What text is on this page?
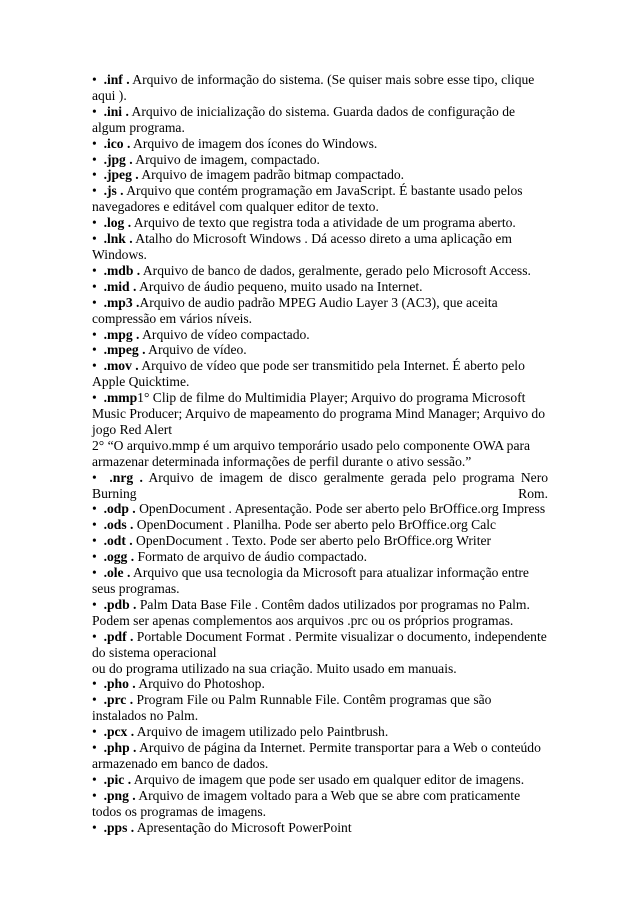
• .inf . Arquivo de informação do sistema. (Se quiser mais sobre esse tipo, clique aqui ).

• .ini . Arquivo de inicialização do sistema. Guarda dados de configuração de algum programa.

• .ico . Arquivo de imagem dos ícones do Windows.

• .jpg . Arquivo de imagem, compactado.

• .jpeg . Arquivo de imagem padrão bitmap compactado.

• .js . Arquivo que contém programação em JavaScript. É bastante usado pelos navegadores e editável com qualquer editor de texto.

• .log . Arquivo de texto que registra toda a atividade de um programa aberto.

• .lnk . Atalho do Microsoft Windows . Dá acesso direto a uma aplicação em Windows.

• .mdb . Arquivo de banco de dados, geralmente, gerado pelo Microsoft Access.

• .mid . Arquivo de áudio pequeno, muito usado na Internet.

• .mp3 .Arquivo de audio padrão MPEG Audio Layer 3 (AC3), que aceita compressão em vários níveis.

• .mpg . Arquivo de vídeo compactado.

• .mpeg . Arquivo de vídeo.

• .mov . Arquivo de vídeo que pode ser transmitido pela Internet. É aberto pelo Apple Quicktime.

• .mmp1° Clip de filme do Multimidia Player; Arquivo do programa Microsoft Music Producer; Arquivo de mapeamento do programa Mind Manager; Arquivo do jogo Red Alert

2° “O arquivo.mmp é um arquivo temporário usado pelo componente OWA para armazenar determinada informações de perfil durante o ativo sessão.”

• .nrg . Arquivo de imagem de disco geralmente gerada pelo programa Nero Burning Rom.

• .odp . OpenDocument . Apresentação. Pode ser aberto pelo BrOffice.org Impress

• .ods . OpenDocument . Planilha. Pode ser aberto pelo BrOffice.org Calc

• .odt . OpenDocument . Texto. Pode ser aberto pelo BrOffice.org Writer

• .ogg . Formato de arquivo de áudio compactado.

• .ole . Arquivo que usa tecnologia da Microsoft para atualizar informação entre seus programas.

• .pdb . Palm Data Base File . Contêm dados utilizados por programas no Palm. Podem ser apenas complementos aos arquivos .prc ou os próprios programas.

• .pdf . Portable Document Format . Permite visualizar o documento, independente do sistema operacional

ou do programa utilizado na sua criação. Muito usado em manuais.

• .pho . Arquivo do Photoshop.

• .prc . Program File ou Palm Runnable File. Contêm programas que são instalados no Palm.

• .pcx . Arquivo de imagem utilizado pelo Paintbrush.

• .php . Arquivo de página da Internet. Permite transportar para a Web o conteúdo armazenado em banco de dados.

• .pic . Arquivo de imagem que pode ser usado em qualquer editor de imagens.

• .png . Arquivo de imagem voltado para a Web que se abre com praticamente todos os programas de imagens.

• .pps . Apresentação do Microsoft PowerPoint
